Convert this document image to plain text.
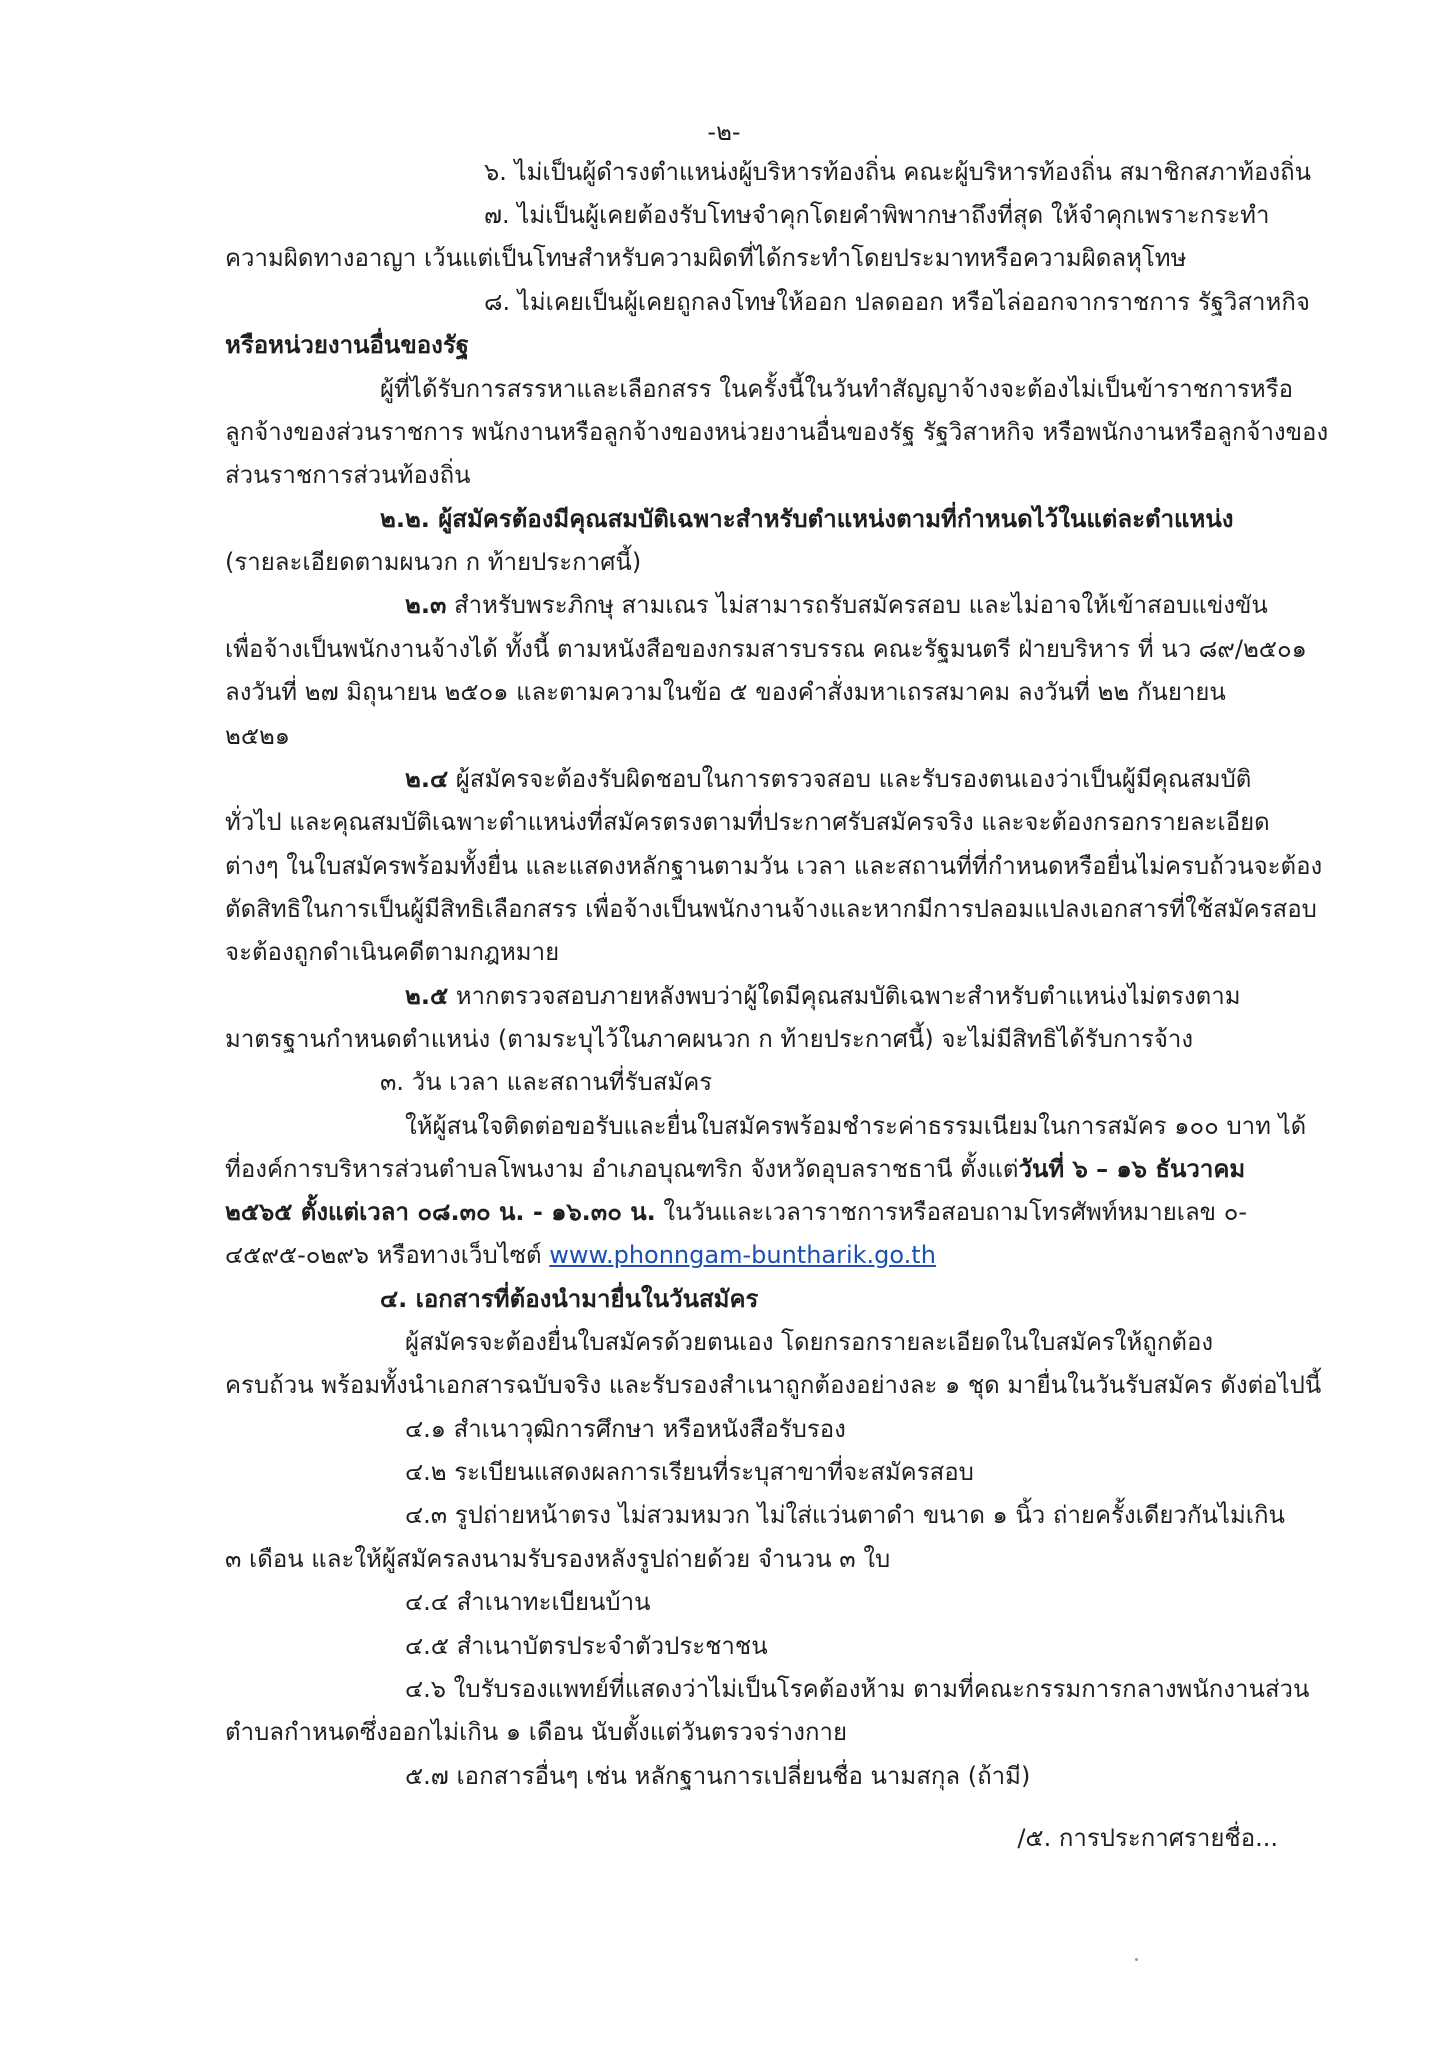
-๒-
๖. ไม่เป็นผู้ดำรงตำแหน่งผู้บริหารท้องถิ่น คณะผู้บริหารท้องถิ่น สมาชิกสภาท้องถิ่น
๗. ไม่เป็นผู้เคยต้องรับโทษจำคุกโดยคำพิพากษาถึงที่สุด ให้จำคุกเพราะกระทำ
ความผิดทางอาญา เว้นแต่เป็นโทษสำหรับความผิดที่ได้กระทำโดยประมาทหรือความผิดลหุโทษ
๘. ไม่เคยเป็นผู้เคยถูกลงโทษให้ออก ปลดออก หรือไล่ออกจากราชการ รัฐวิสาหกิจ
หรือหน่วยงานอื่นของรัฐ
ผู้ที่ได้รับการสรรหาและเลือกสรร ในครั้งนี้ในวันทำสัญญาจ้างจะต้องไม่เป็นข้าราชการหรือ
ลูกจ้างของส่วนราชการ พนักงานหรือลูกจ้างของหน่วยงานอื่นของรัฐ รัฐวิสาหกิจ หรือพนักงานหรือลูกจ้างของ
ส่วนราชการส่วนท้องถิ่น
๒.๒. ผู้สมัครต้องมีคุณสมบัติเฉพาะสำหรับตำแหน่งตามที่กำหนดไว้ในแต่ละตำแหน่ง
(รายละเอียดตามผนวก ก ท้ายประกาศนี้)
๒.๓ สำหรับพระภิกษุ สามเณร ไม่สามารถรับสมัครสอบ และไม่อาจให้เข้าสอบแข่งขัน
เพื่อจ้างเป็นพนักงานจ้างได้ ทั้งนี้ ตามหนังสือของกรมสารบรรณ คณะรัฐมนตรี ฝ่ายบริหาร ที่ นว ๘๙/๒๕๐๑
ลงวันที่ ๒๗ มิถุนายน ๒๕๐๑ และตามความในข้อ ๕ ของคำสั่งมหาเถรสมาคม ลงวันที่ ๒๒ กันยายน
๒๕๒๑
๒.๔ ผู้สมัครจะต้องรับผิดชอบในการตรวจสอบ และรับรองตนเองว่าเป็นผู้มีคุณสมบัติ
ทั่วไป และคุณสมบัติเฉพาะตำแหน่งที่สมัครตรงตามที่ประกาศรับสมัครจริง และจะต้องกรอกรายละเอียด
ต่างๆ ในใบสมัครพร้อมทั้งยื่น และแสดงหลักฐานตามวัน เวลา และสถานที่ที่กำหนดหรือยื่นไม่ครบถ้วนจะต้อง
ตัดสิทธิในการเป็นผู้มีสิทธิเลือกสรร เพื่อจ้างเป็นพนักงานจ้างและหากมีการปลอมแปลงเอกสารที่ใช้สมัครสอบ
จะต้องถูกดำเนินคดีตามกฎหมาย
๒.๕ หากตรวจสอบภายหลังพบว่าผู้ใดมีคุณสมบัติเฉพาะสำหรับตำแหน่งไม่ตรงตาม
มาตรฐานกำหนดตำแหน่ง (ตามระบุไว้ในภาคผนวก ก ท้ายประกาศนี้) จะไม่มีสิทธิได้รับการจ้าง
๓. วัน เวลา และสถานที่รับสมัคร
ให้ผู้สนใจติดต่อขอรับและยื่นใบสมัครพร้อมชำระค่าธรรมเนียมในการสมัคร ๑๐๐ บาท ได้
ที่องค์การบริหารส่วนตำบลโพนงาม อำเภอบุณฑริก จังหวัดอุบลราชธานี ตั้งแต่วันที่ ๖ – ๑๖ ธันวาคม
๒๕๖๕ ตั้งแต่เวลา ๐๘.๓๐ น. - ๑๖.๓๐ น. ในวันและเวลาราชการหรือสอบถามโทรศัพท์หมายเลข ๐-
๔๕๙๕-๐๒๙๖ หรือทางเว็บไซต์ www.phonngam-buntharik.go.th
๔. เอกสารที่ต้องนำมายื่นในวันสมัคร
ผู้สมัครจะต้องยื่นใบสมัครด้วยตนเอง โดยกรอกรายละเอียดในใบสมัครให้ถูกต้อง
ครบถ้วน พร้อมทั้งนำเอกสารฉบับจริง และรับรองสำเนาถูกต้องอย่างละ ๑ ชุด มายื่นในวันรับสมัคร ดังต่อไปนี้
๔.๑ สำเนาวุฒิการศึกษา หรือหนังสือรับรอง
๔.๒ ระเบียนแสดงผลการเรียนที่ระบุสาขาที่จะสมัครสอบ
๔.๓ รูปถ่ายหน้าตรง ไม่สวมหมวก ไม่ใส่แว่นตาดำ ขนาด ๑ นิ้ว ถ่ายครั้งเดียวกันไม่เกิน
๓ เดือน และให้ผู้สมัครลงนามรับรองหลังรูปถ่ายด้วย จำนวน ๓ ใบ
๔.๔ สำเนาทะเบียนบ้าน
๔.๕ สำเนาบัตรประจำตัวประชาชน
๔.๖ ใบรับรองแพทย์ที่แสดงว่าไม่เป็นโรคต้องห้าม ตามที่คณะกรรมการกลางพนักงานส่วน
ตำบลกำหนดซึ่งออกไม่เกิน ๑ เดือน นับตั้งแต่วันตรวจร่างกาย
๕.๗ เอกสารอื่นๆ เช่น หลักฐานการเปลี่ยนชื่อ นามสกุล (ถ้ามี)
/๕. การประกาศรายชื่อ...
